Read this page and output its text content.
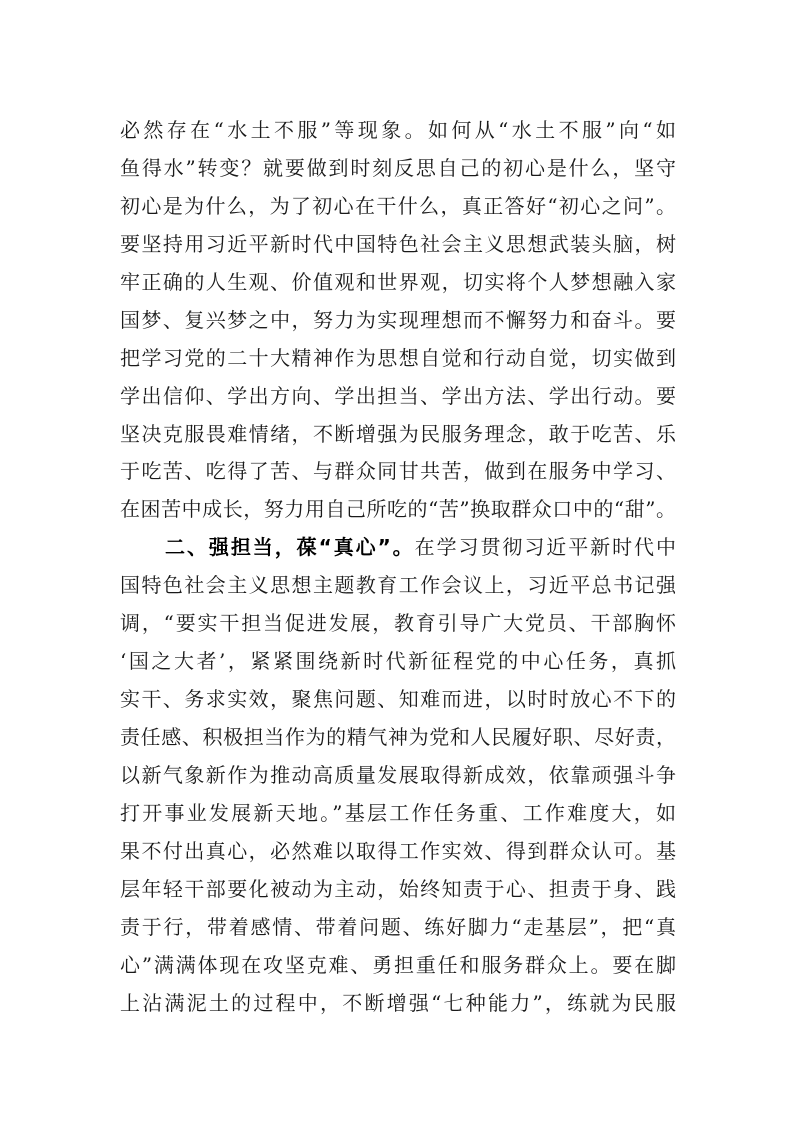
必然存在“水土不服”等现象。如何从“水土不服”向“如
鱼得水”转变？就要做到时刻反思自己的初心是什么，坚守
初心是为什么，为了初心在干什么，真正答好“初心之问”。
要坚持用习近平新时代中国特色社会主义思想武装头脑，树
牢正确的人生观、价值观和世界观，切实将个人梦想融入家
国梦、复兴梦之中，努力为实现理想而不懈努力和奋斗。要
把学习党的二十大精神作为思想自觉和行动自觉，切实做到
学出信仰、学出方向、学出担当、学出方法、学出行动。要
坚决克服畏难情绪，不断增强为民服务理念，敢于吃苦、乐
于吃苦、吃得了苦、与群众同甘共苦，做到在服务中学习、
在困苦中成长，努力用自己所吃的“苦”换取群众口中的“甜”。
二、强担当，葆“真心”。在学习贯彻习近平新时代中
国特色社会主义思想主题教育工作会议上，习近平总书记强
调，“要实干担当促进发展，教育引导广大党员、干部胸怀
‘国之大者’，紧紧围绕新时代新征程党的中心任务，真抓
实干、务求实效，聚焦问题、知难而进，以时时放心不下的
责任感、积极担当作为的精气神为党和人民履好职、尽好责，
以新气象新作为推动高质量发展取得新成效，依靠顽强斗争
打开事业发展新天地。”基层工作任务重、工作难度大，如
果不付出真心，必然难以取得工作实效、得到群众认可。基
层年轻干部要化被动为主动，始终知责于心、担责于身、践
责于行，带着感情、带着问题、练好脚力“走基层”，把“真
心”满满体现在攻坚克难、勇担重任和服务群众上。要在脚
上沾满泥土的过程中，不断增强“七种能力”，练就为民服
